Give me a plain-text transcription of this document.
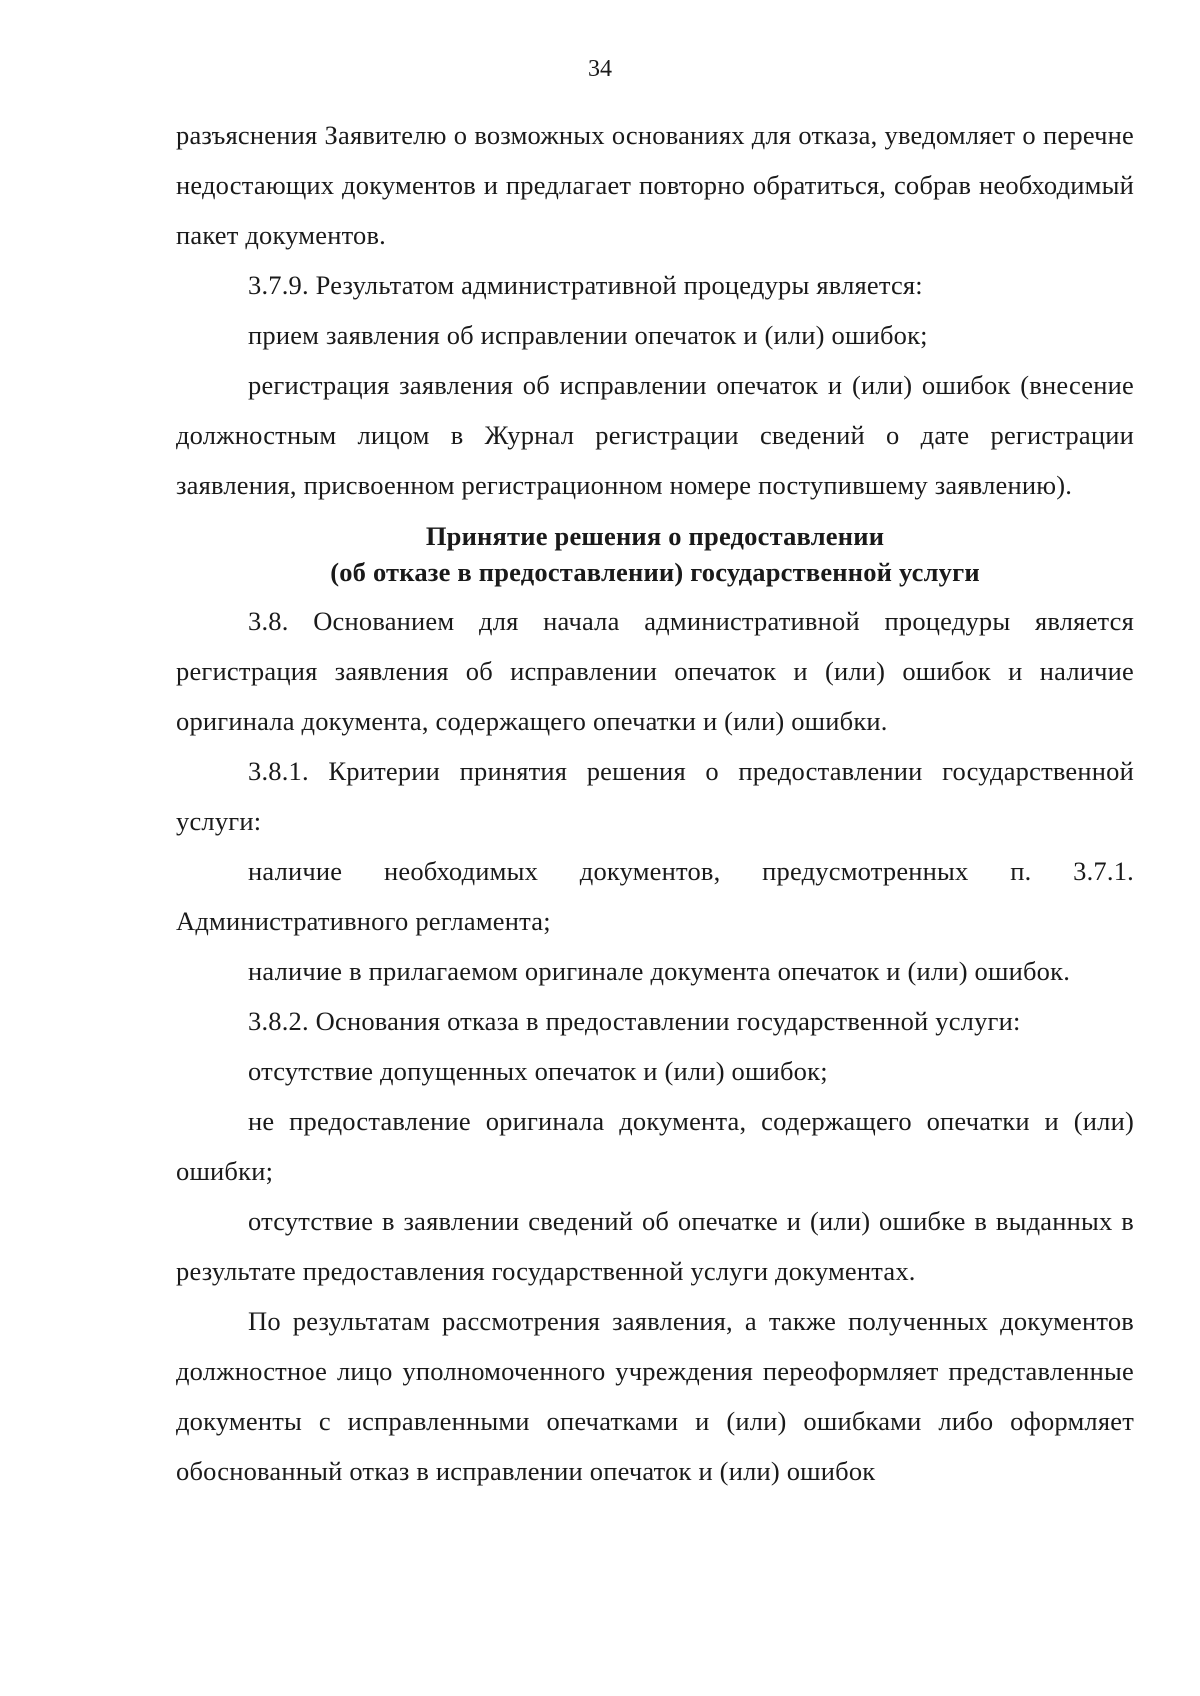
34

разъяснения Заявителю о возможных основаниях для отказа, уведомляет о перечне недостающих документов и предлагает повторно обратиться, собрав необходимый пакет документов.

3.7.9. Результатом административной процедуры является:

прием заявления об исправлении опечаток и (или) ошибок;

регистрация заявления об исправлении опечаток и (или) ошибок (внесение должностным лицом в Журнал регистрации сведений о дате регистрации заявления, присвоенном регистрационном номере поступившему заявлению).

Принятие решения о предоставлении
(об отказе в предоставлении) государственной услуги

3.8. Основанием для начала административной процедуры является регистрация заявления об исправлении опечаток и (или) ошибок и наличие оригинала документа, содержащего опечатки и (или) ошибки.

3.8.1. Критерии принятия решения о предоставлении государственной услуги:

наличие необходимых документов, предусмотренных п. 3.7.1. Административного регламента;

наличие в прилагаемом оригинале документа опечаток и (или) ошибок.

3.8.2. Основания отказа в предоставлении государственной услуги:

отсутствие допущенных опечаток и (или) ошибок;

не предоставление оригинала документа, содержащего опечатки и (или) ошибки;

отсутствие в заявлении сведений об опечатке и (или) ошибке в выданных в результате предоставления государственной услуги документах.

По результатам рассмотрения заявления, а также полученных документов должностное лицо уполномоченного учреждения переоформляет представленные документы с исправленными опечатками и (или) ошибками либо оформляет обоснованный отказ в исправлении опечаток и (или) ошибок
